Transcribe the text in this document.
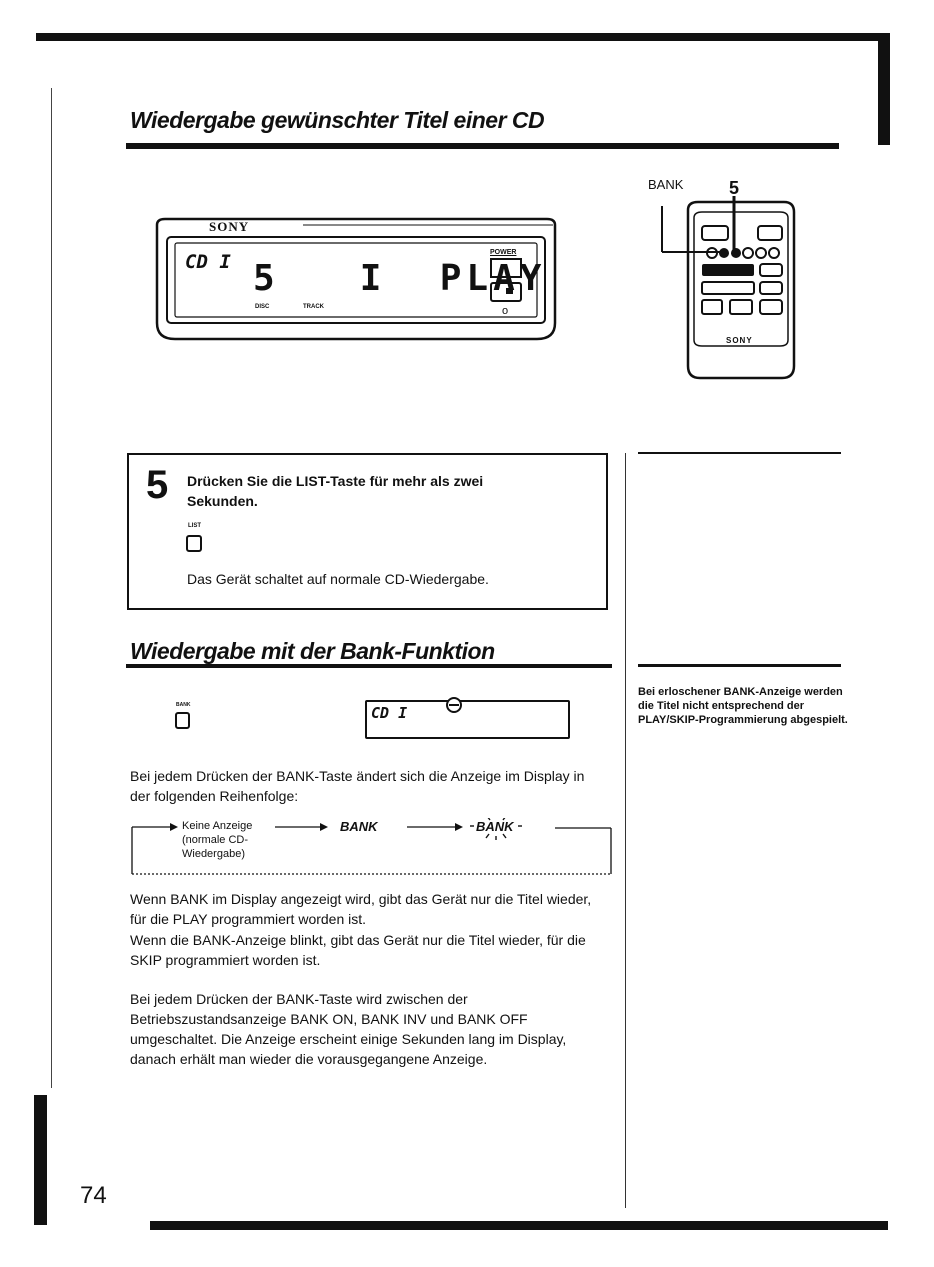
Wiedergabe gewünschter Titel einer CD
SONY
CD I 5   I  PLAY
DISC	TRACK
POWER
o
BANK	5
SONY
5 Drücken Sie die LIST-Taste für mehr als zwei Sekunden.

LIST

Das Gerät schaltet auf normale CD-Wiedergabe.

Bei erloschener BANK-Anzeige werden die Titel nicht entsprechend der PLAY/SKIP-Programmierung abgespielt.

Wiedergabe mit der Bank-Funktion
BANK	CD I

Bei jedem Drücken der BANK-Taste ändert sich die Anzeige im Display in der folgenden Reihenfolge:

Keine Anzeige
(normale CD-
Wiedergabe)
BANK	BANK

Wenn BANK im Display angezeigt wird, gibt das Gerät nur die Titel wieder, für die PLAY programmiert worden ist.

Wenn die BANK-Anzeige blinkt, gibt das Gerät nur die Titel wieder, für die SKIP programmiert worden ist.

Bei jedem Drücken der BANK-Taste wird zwischen der Betriebszustandsanzeige BANK ON, BANK INV und BANK OFF umgeschaltet. Die Anzeige erscheint einige Sekunden lang im Display, danach erhält man wieder die vorausgegangene Anzeige.

74
